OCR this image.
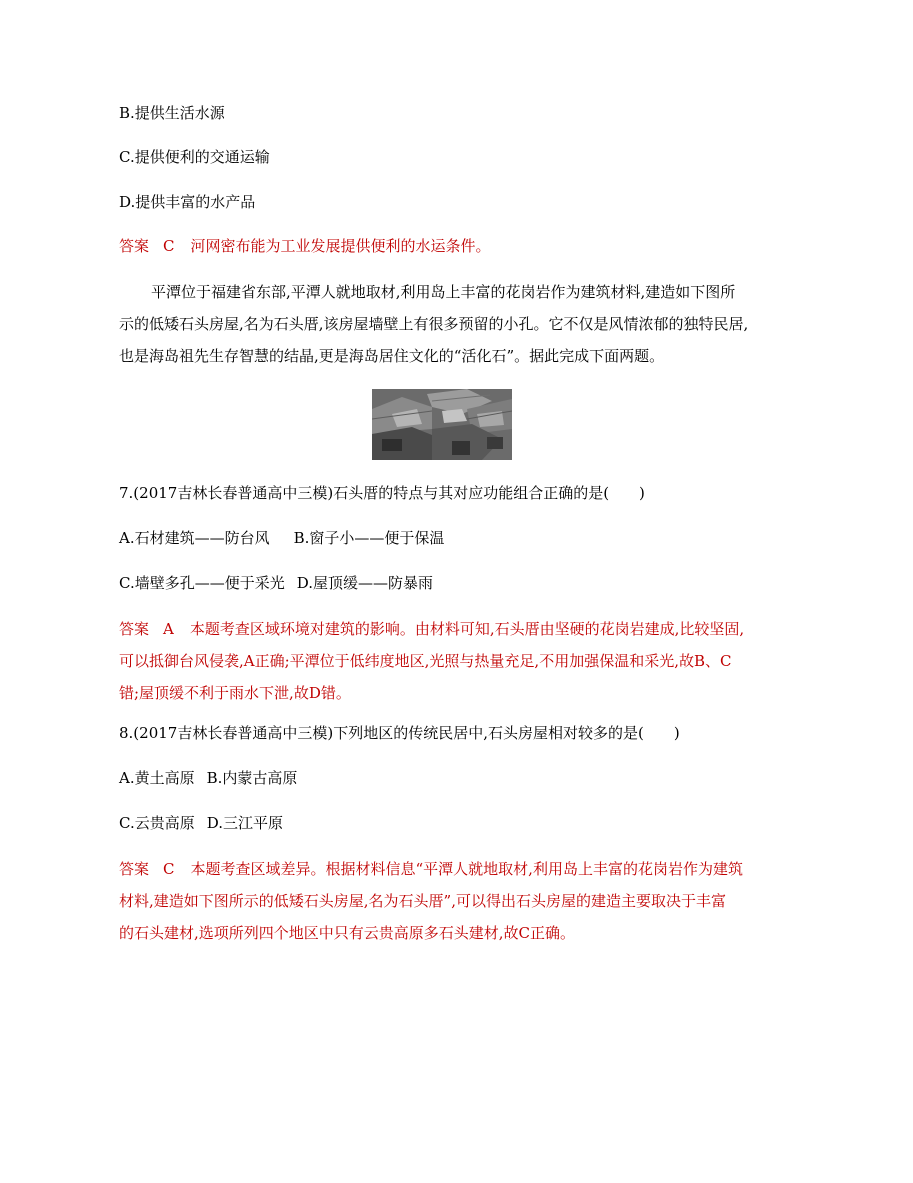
B.提供生活水源
C.提供便利的交通运输
D.提供丰富的水产品
答案 C 河网密布能为工业发展提供便利的水运条件。
平潭位于福建省东部,平潭人就地取材,利用岛上丰富的花岗岩作为建筑材料,建造如下图所
示的低矮石头房屋,名为石头厝,该房屋墙壁上有很多预留的小孔。它不仅是风情浓郁的独特民居,
也是海岛祖先生存智慧的结晶,更是海岛居住文化的“活化石”。据此完成下面两题。
7.(2017吉林长春普通高中三模)石头厝的特点与其对应功能组合正确的是(　　)
A.石材建筑——防台风 B.窗子小——便于保温
C.墙壁多孔——便于采光 D.屋顶缓——防暴雨
答案 A 本题考查区域环境对建筑的影响。由材料可知,石头厝由坚硬的花岗岩建成,比较坚固,
可以抵御台风侵袭,A正确;平潭位于低纬度地区,光照与热量充足,不用加强保温和采光,故B、C
错;屋顶缓不利于雨水下泄,故D错。
8.(2017吉林长春普通高中三模)下列地区的传统民居中,石头房屋相对较多的是(　　)
A.黄土高原 B.内蒙古高原
C.云贵高原 D.三江平原
答案 C 本题考查区域差异。根据材料信息“平潭人就地取材,利用岛上丰富的花岗岩作为建筑
材料,建造如下图所示的低矮石头房屋,名为石头厝”,可以得出石头房屋的建造主要取决于丰富
的石头建材,选项所列四个地区中只有云贵高原多石头建材,故C正确。
